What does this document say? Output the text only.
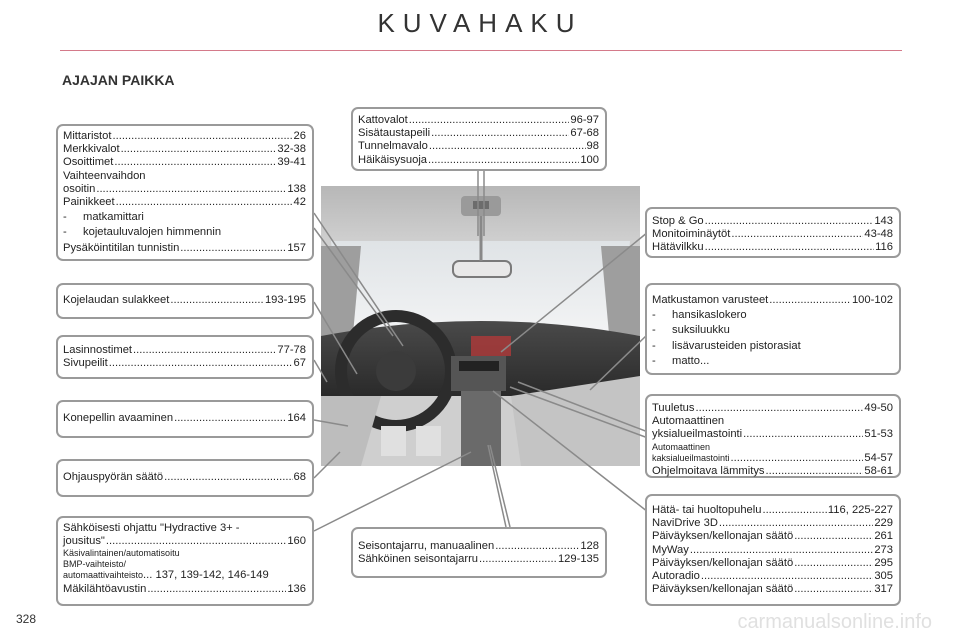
KUVAHAKU
AJAJAN PAIKKA
Mittaristot .....	26
Merkkivalot .....	32-38
Osoittimet .....	39-41
Vaihteenvaihdon
osoitin .....	138
Painikkeet .....	42
-	matkamittari
-	kojetauluvalojen himmennin
Pysäköintitilan tunnistin .....	157
Kojelaudan sulakkeet .....	193-195
Lasinnostimet .....	77-78
Sivupeilit .....	67
Konepellin avaaminen .....	164
Ohjauspyörän säätö .....	68
Sähköisesti ohjattu "Hydractive 3+ -
jousitus" .....	160
Käsivalintainen/automatisoitu
BMP-vaihteisto/
automaattivaihteisto ...
137, 139-142, 146-149
Mäkilähtöavustin .....	136
Kattovalot .....	96-97
Sisätaustapeili .....	67-68
Tunnelmavalo .....	98
Häikäisysuoja .....	100
Seisontajarru, manuaalinen .....	128
Sähköinen seisontajarru .....	129-135
Stop & Go .....	143
Monitoiminäytöt .....	43-48
Hätävilkku .....	116
Matkustamon varusteet .....	100-102
-	hansikaslokero
-	suksiluukku
-	lisävarusteiden pistorasiat
-	matto...
Tuuletus .....	49-50
Automaattinen
yksialueilmastointi .....	51-53
Automaattinen
kaksialueilmastointi .....	54-57
Ohjelmoitava lämmitys .....	58-61
Hätä- tai huoltopuhelu .....	116, 225-227
NaviDrive 3D .....	229
Päiväyksen/kellonajan säätö .....	261
MyWay .....	273
Päiväyksen/kellonajan säätö .....	295
Autoradio .....	305
Päiväyksen/kellonajan säätö .....	317
328	carmanualsonline.info
